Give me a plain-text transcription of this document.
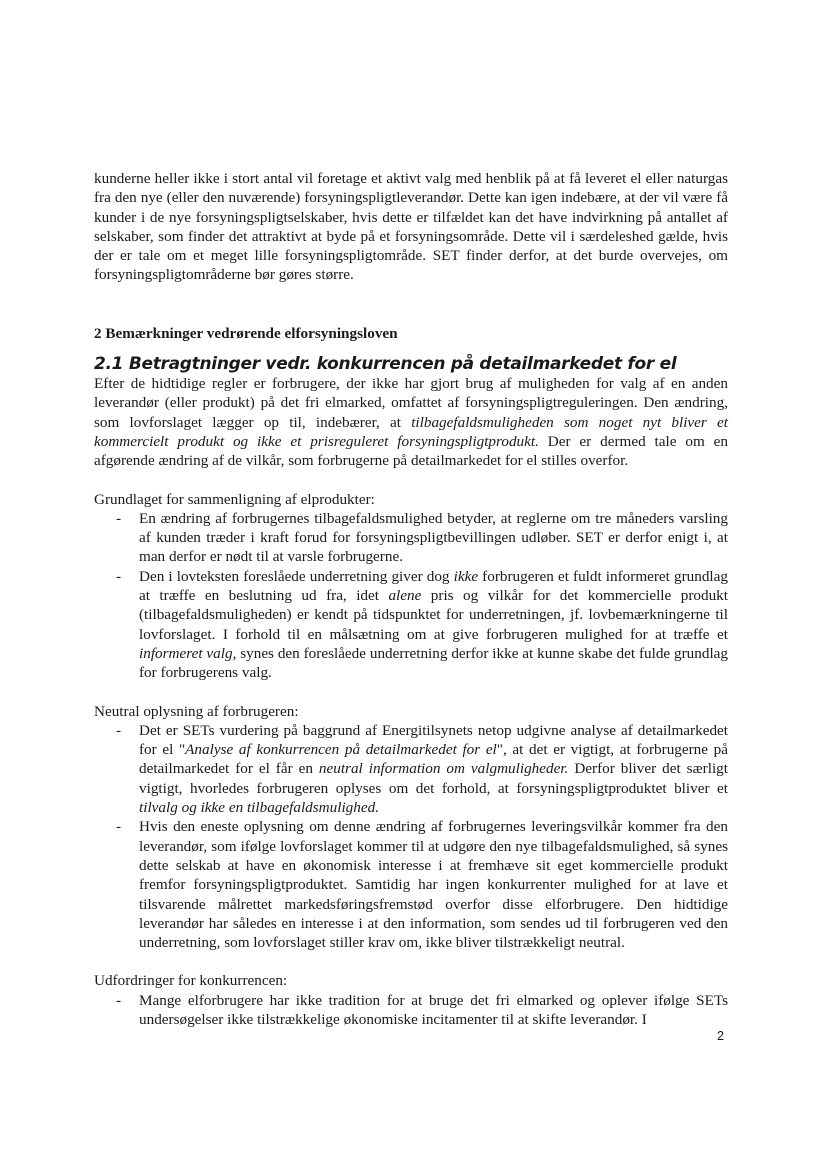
kunderne heller ikke i stort antal vil foretage et aktivt valg med henblik på at få leveret el eller naturgas fra den nye (eller den nuværende) forsyningspligtleverandør. Dette kan igen indebære, at der vil være få kunder i de nye forsyningspligtselskaber, hvis dette er tilfældet kan det have indvirkning på antallet af selskaber, som finder det attraktivt at byde på et forsyningsområde. Dette vil i særdeleshed gælde, hvis der er tale om et meget lille forsyningspligtområde. SET finder derfor, at det burde overvejes, om forsyningspligtområderne bør gøres større.

2 Bemærkninger vedrørende elforsyningsloven
2.1 Betragtninger vedr. konkurrencen på detailmarkedet for el

Efter de hidtidige regler er forbrugere, der ikke har gjort brug af muligheden for valg af en anden leverandør (eller produkt) på det fri elmarked, omfattet af forsyningspligtreguleringen. Den ændring, som lovforslaget lægger op til, indebærer, at tilbagefaldsmuligheden som noget nyt bliver et kommercielt produkt og ikke et prisreguleret forsyningspligtprodukt. Der er dermed tale om en afgørende ændring af de vilkår, som forbrugerne på detailmarkedet for el stilles overfor.

Grundlaget for sammenligning af elprodukter:

- En ændring af forbrugernes tilbagefaldsmulighed betyder, at reglerne om tre måneders varsling af kunden træder i kraft forud for forsyningspligtbevillingen udløber. SET er derfor enigt i, at man derfor er nødt til at varsle forbrugerne.
- Den i lovteksten foreslåede underretning giver dog ikke forbrugeren et fuldt informeret grundlag at træffe en beslutning ud fra, idet alene pris og vilkår for det kommercielle produkt (tilbagefaldsmuligheden) er kendt på tidspunktet for underretningen, jf. lovbemærkningerne til lovforslaget. I forhold til en målsætning om at give forbrugeren mulighed for at træffe et informeret valg, synes den foreslåede underretning derfor ikke at kunne skabe det fulde grundlag for forbrugerens valg.

Neutral oplysning af forbrugeren:

- Det er SETs vurdering på baggrund af Energitilsynets netop udgivne analyse af detailmarkedet for el "Analyse af konkurrencen på detailmarkedet for el", at det er vigtigt, at forbrugerne på detailmarkedet for el får en neutral information om valgmuligheder. Derfor bliver det særligt vigtigt, hvorledes forbrugeren oplyses om det forhold, at forsyningspligtproduktet bliver et tilvalg og ikke en tilbagefaldsmulighed.
- Hvis den eneste oplysning om denne ændring af forbrugernes leveringsvilkår kommer fra den leverandør, som ifølge lovforslaget kommer til at udgøre den nye tilbagefaldsmulighed, så synes dette selskab at have en økonomisk interesse i at fremhæve sit eget kommercielle produkt fremfor forsyningspligtproduktet. Samtidig har ingen konkurrenter mulighed for at lave et tilsvarende målrettet markedsføringsfremstød overfor disse elforbrugere. Den hidtidige leverandør har således en interesse i at den information, som sendes ud til forbrugeren ved den underretning, som lovforslaget stiller krav om, ikke bliver tilstrækkeligt neutral.

Udfordringer for konkurrencen:

- Mange elforbrugere har ikke tradition for at bruge det fri elmarked og oplever ifølge SETs undersøgelser ikke tilstrækkelige økonomiske incitamenter til at skifte leverandør. I
2
